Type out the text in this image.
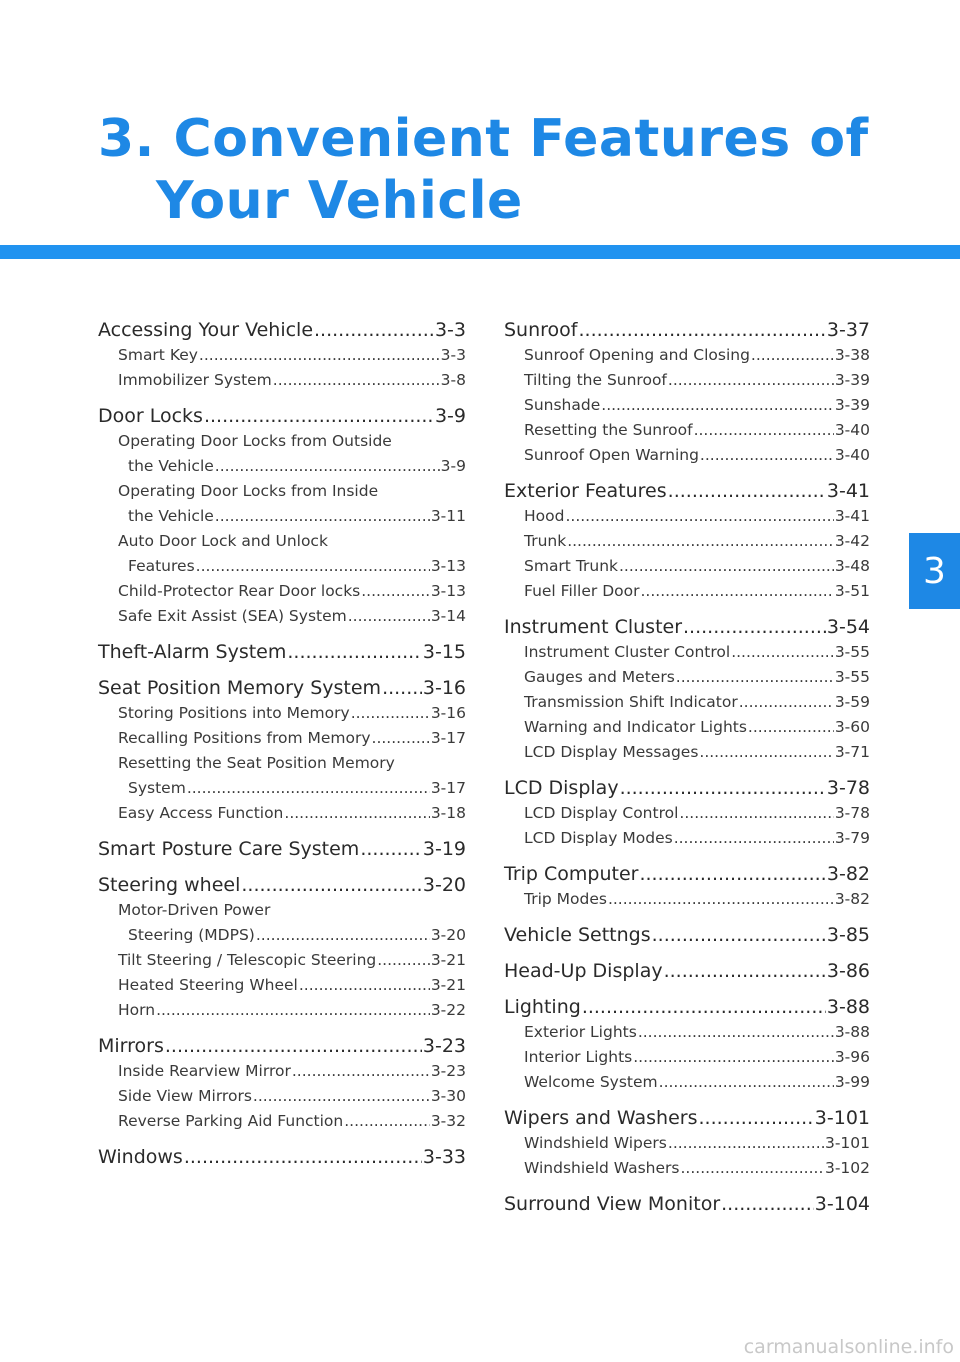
3. Convenient Features of
Your Vehicle
3
Accessing Your Vehicle .....	3-3
Smart Key .....	3-3
Immobilizer System .....	3-8
Door Locks .....	3-9
Operating Door Locks from Outside
the Vehicle .....	3-9
Operating Door Locks from Inside
the Vehicle .....	3-11
Auto Door Lock and Unlock
Features .....	3-13
Child-Protector Rear Door locks .....	3-13
Safe Exit Assist (SEA) System .....	3-14
Theft-Alarm System .....	3-15
Seat Position Memory System ..... 3-16
Storing Positions into Memory .....	3-16
Recalling Positions from Memory .....	3-17
Resetting the Seat Position Memory
System .....	3-17
Easy Access Function .....	3-18
Smart Posture Care System .....	3-19
Steering wheel .....	3-20
Motor-Driven Power
Steering (MDPS) .....	3-20
Tilt Steering / Telescopic Steering .....	3-21
Heated Steering Wheel .....	3-21
Horn .....	3-22
Mirrors .....	3-23
Inside Rearview Mirror .....	3-23
Side View Mirrors .....	3-30
Reverse Parking Aid Function .....	3-32
Windows .....	3-33
Sunroof .....	3-37
Sunroof Opening and Closing .....	3-38
Tilting the Sunroof .....	3-39
Sunshade .....	3-39
Resetting the Sunroof .....	3-40
Sunroof Open Warning .....	3-40
Exterior Features .....	3-41
Hood .....	3-41
Trunk .....	3-42
Smart Trunk .....	3-48
Fuel Filler Door .....	3-51
Instrument Cluster .....	3-54
Instrument Cluster Control .....	3-55
Gauges and Meters .....	3-55
Transmission Shift Indicator .....	3-59
Warning and Indicator Lights .....	3-60
LCD Display Messages .....	3-71
LCD Display .....	3-78
LCD Display Control .....	3-78
LCD Display Modes .....	3-79
Trip Computer .....	3-82
Trip Modes .....	3-82
Vehicle Settngs .....	3-85
Head-Up Display .....	3-86
Lighting .....	3-88
Exterior Lights .....	3-88
Interior Lights .....	3-96
Welcome System .....	3-99
Wipers and Washers .....	3-101
Windshield Wipers .....	3-101
Windshield Washers .....	3-102
Surround View Monitor .....	3-104
carmanualsonline.info
